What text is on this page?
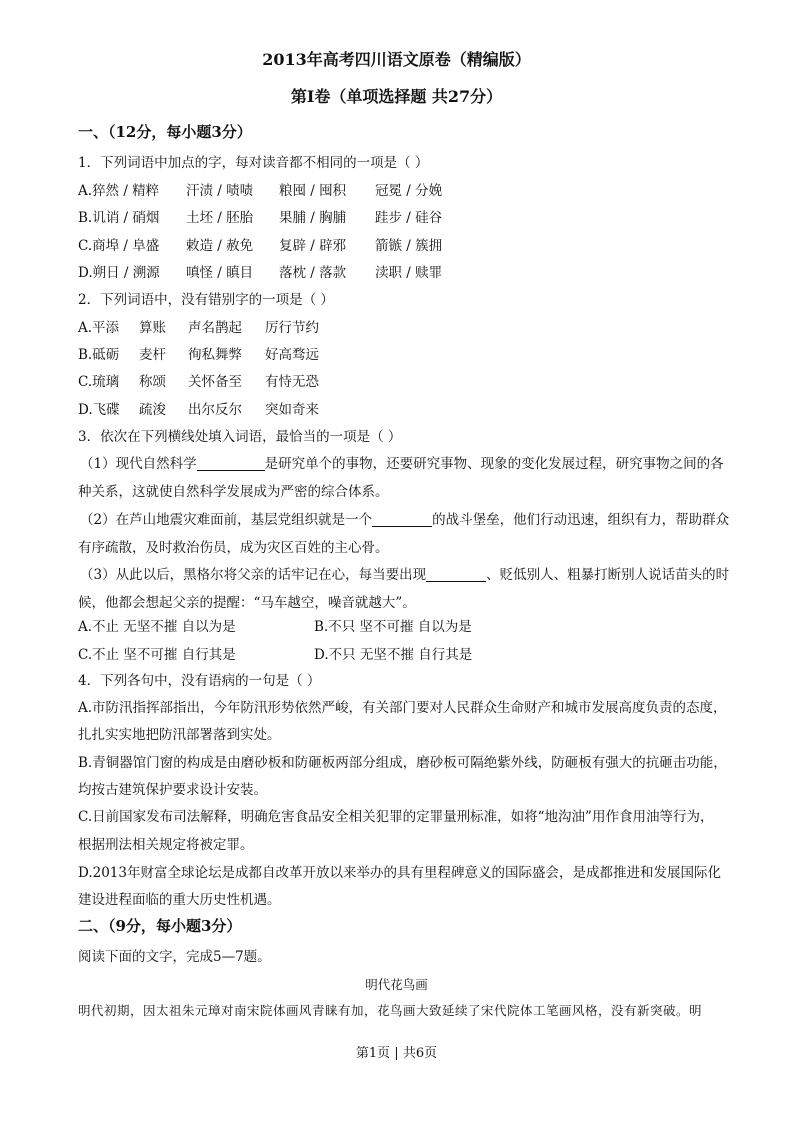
2013年高考四川语文原卷（精编版）
第Ⅰ卷（单项选择题 共27分）
一、（12分，每小题3分）

1．下列词语中加点的字，每对读音都不相同的一项是（ ）

A.猝然 / 精粹 汗渍 / 啧啧 粮囤 / 囤积 冠冕 / 分娩
B.讥诮 / 硝烟 土坯 / 胚胎 果脯 / 胸脯 跬步 / 硅谷
C.商埠 / 阜盛 敕造 / 赦免 复辟 / 辟邪 箭镞 / 簇拥
D.朔日 / 溯源 嗔怪 / 瞋目 落枕 / 落款 渎职 / 赎罪

2．下列词语中，没有错别字的一项是（ ）

A.平添 算账 声名鹊起 厉行节约
B.砥砺 麦杆 徇私舞弊 好高骛远
C.琉璃 称颂 关怀备至 有恃无恐
D.飞碟 疏浚 出尔反尔 突如奇来

3．依次在下列横线处填入词语，最恰当的一项是（ ）

（1）现代自然科学	是研究单个的事物，还要研究事物、现象的变化发展过程，研究事物之间的各

种关系，这就使自然科学发展成为严密的综合体系。

（2）在芦山地震灾难面前，基层党组织就是一个	的战斗堡垒，他们行动迅速，组织有力，帮助群众

有序疏散，及时救治伤员，成为灾区百姓的主心骨。

（3）从此以后，黑格尔将父亲的话牢记在心，每当要出现	、贬低别人、粗暴打断别人说话苗头的时

候，他都会想起父亲的提醒：“马车越空，噪音就越大”。

A.不止 无坚不摧 自以为是	B.不只 坚不可摧 自以为是
C.不止 坚不可摧 自行其是	D.不只 无坚不摧 自行其是

4．下列各句中，没有语病的一句是（ ）

A.市防汛指挥部指出，今年防汛形势依然严峻，有关部门要对人民群众生命财产和城市发展高度负责的态度，

扎扎实实地把防汛部署落到实处。

B.青铜器馆门窗的构成是由磨砂板和防砸板两部分组成，磨砂板可隔绝紫外线，防砸板有强大的抗砸击功能，

均按古建筑保护要求设计安装。

C.日前国家发布司法解释，明确危害食品安全相关犯罪的定罪量刑标准，如将“地沟油”用作食用油等行为，

根据刑法相关规定将被定罪。

D.2013年财富全球论坛是成都自改革开放以来举办的具有里程碑意义的国际盛会，是成都推进和发展国际化

建设进程面临的重大历史性机遇。

二、（9分，每小题3分）

阅读下面的文字，完成5—7题。

明代花鸟画

明代初期，因太祖朱元璋对南宋院体画风青睐有加，花鸟画大致延续了宋代院体工笔画风格，没有新突破。明

第1页 | 共6页
